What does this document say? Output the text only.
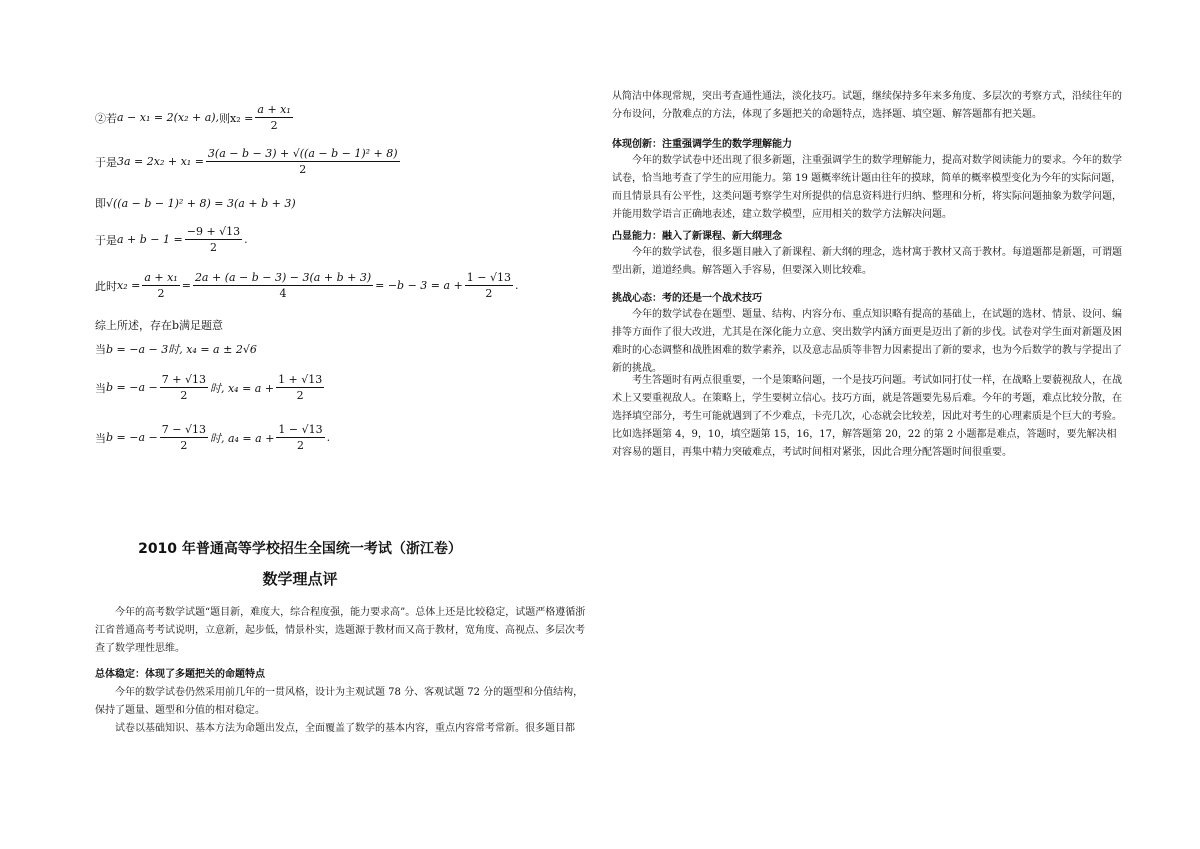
②若 a − x₁ = 2(x₂ + a), 则$x_2 = \frac{\text{a + x₁}}{2}$
于是 $3a = 2x_2 + x_1 = \frac{\text{3(a − b − 3) + √((a − b − 1)² + 8)}}{2}$
即 √((a − b − 1)² + 8) = 3(a + b + 3)
于是 $a + b - 1 = \frac{-9 + √13}{2}$ .
此时 $x_2 = \frac{\text{a + x₁}}{2} = \frac{2a + (a - b - 3) - 3(a + b + 3)}{4} = -b - 3 = a + \frac{1 - √13}{2}$ .
综上所述，存在b满足题意
当 b = −a − 3时, x₄ = a ± 2√6
当 $b = -a - \frac{7 + √13}{2}$ 时, $x_4 = a + \frac{1 + √13}{2}$
当 $b = -a - \frac{7 - √13}{2}$ 时, $a_4 = a + \frac{1 - √13}{2}$ .
2010 年普通高等学校招生全国统一考试（浙江卷）
数学理点评

今年的高考数学试题“题目新，难度大，综合程度强，能力要求高”。总体上还是比较稳定，试题严格遵循浙江省普通高考考试说明，立意新，起步低，情景朴实，选题源于教材而又高于教材，宽角度、高视点、多层次考查了数学理性思维。

总体稳定：体现了多题把关的命题特点

今年的数学试卷仍然采用前几年的一贯风格，设计为主观试题 78 分、客观试题 72 分的题型和分值结构，保持了题量、题型和分值的相对稳定。

试卷以基础知识、基本方法为命题出发点，全面覆盖了数学的基本内容，重点内容常考常新。很多题目都

从简洁中体现常规，突出考查通性通法，淡化技巧。试题，继续保持多年来多角度、多层次的考察方式，沿续往年的分布设问，分散难点的方法，体现了多题把关的命题特点，选择题、填空题、解答题都有把关题。

体现创新：注重强调学生的数学理解能力

今年的数学试卷中还出现了很多新题，注重强调学生的数学理解能力，提高对数学阅读能力的要求。今年的数学试卷，恰当地考查了学生的应用能力。第 19 题概率统计题由往年的摸球，简单的概率模型变化为今年的实际问题，而且情景具有公平性，这类问题考察学生对所提供的信息资料进行归纳、整理和分析，将实际问题抽象为数学问题，并能用数学语言正确地表述，建立数学模型，应用相关的数学方法解决问题。

凸显能力：融入了新课程、新大纲理念

今年的数学试卷，很多题目融入了新课程、新大纲的理念，选材寓于教材又高于教材。每道题都是新题，可谓题型出新，道道经典。解答题入手容易，但要深入则比较难。

挑战心态：考的还是一个战术技巧

今年的数学试卷在题型、题量、结构、内容分布、重点知识略有提高的基础上，在试题的选材、情景、设问、编排等方面作了很大改进，尤其是在深化能力立意、突出数学内涵方面更是迈出了新的步伐。试卷对学生面对新题及困难时的心态调整和战胜困难的数学素养，以及意志品质等非智力因素提出了新的要求，也为今后数学的教与学提出了新的挑战。

考生答题时有两点很重要，一个是策略问题，一个是技巧问题。考试如同打仗一样，在战略上要藐视敌人，在战术上又要重视敌人。在策略上，学生要树立信心。技巧方面，就是答题要先易后难。今年的考题，难点比较分散，在选择填空部分，考生可能就遇到了不少难点，卡壳几次，心态就会比较差，因此对考生的心理素质是个巨大的考验。比如选择题第 4，9，10，填空题第 15，16，17，解答题第 20，22 的第 2 小题都是难点，答题时，要先解决相对容易的题目，再集中精力突破难点，考试时间相对紧张，因此合理分配答题时间很重要。
